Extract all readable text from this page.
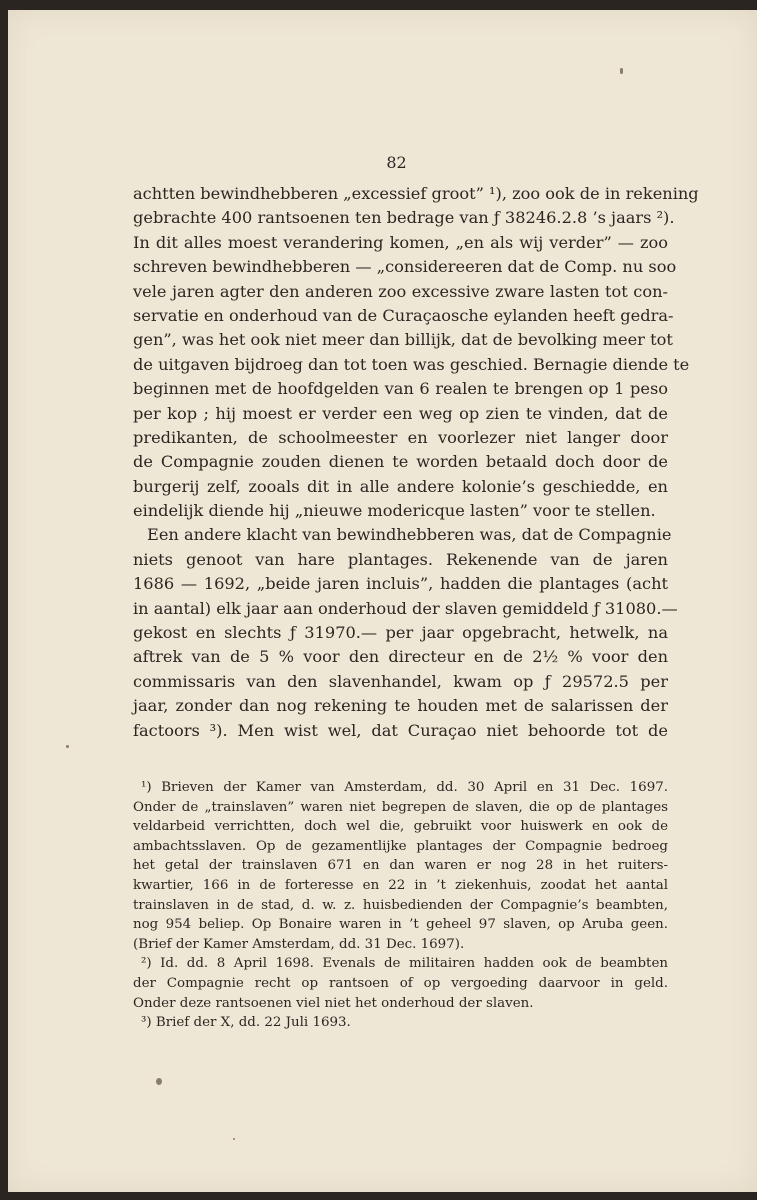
82
achtten bewindhebberen „excessief groot” ¹), zoo ook de in rekening
gebrachte 400 rantsoenen ten bedrage van ƒ 38246.2.8 ’s jaars ²).
In dit alles moest verandering komen, „en als wij verder” — zoo
schreven bewindhebberen — „considereeren dat de Comp. nu soo
vele jaren agter den anderen zoo excessive zware lasten tot con-
servatie en onderhoud van de Curaçaosche eylanden heeft gedra-
gen”, was het ook niet meer dan billijk, dat de bevolking meer tot
de uitgaven bijdroeg dan tot toen was geschied. Bernagie diende te
beginnen met de hoofdgelden van 6 realen te brengen op 1 peso
per kop ; hij moest er verder een weg op zien te vinden, dat de
predikanten, de schoolmeester en voorlezer niet langer door
de Compagnie zouden dienen te worden betaald doch door de
burgerij zelf, zooals dit in alle andere kolonie’s geschiedde, en
eindelijk diende hij „nieuwe modericque lasten” voor te stellen.
Een andere klacht van bewindhebberen was, dat de Compagnie
niets genoot van hare plantages. Rekenende van de jaren
1686 — 1692, „beide jaren incluis”, hadden die plantages (acht
in aantal) elk jaar aan onderhoud der slaven gemiddeld ƒ 31080.—
gekost en slechts ƒ 31970.— per jaar opgebracht, hetwelk, na
aftrek van de 5 % voor den directeur en de 2½ % voor den
commissaris van den slavenhandel, kwam op ƒ 29572.5 per
jaar, zonder dan nog rekening te houden met de salarissen der
factoors ³). Men wist wel, dat Curaçao niet behoorde tot de
¹) Brieven der Kamer van Amsterdam, dd. 30 April en 31 Dec. 1697.
Onder de „trainslaven” waren niet begrepen de slaven, die op de plantages
veldarbeid verrichtten, doch wel die, gebruikt voor huiswerk en ook de
ambachtsslaven. Op de gezamentlijke plantages der Compagnie bedroeg
het getal der trainslaven 671 en dan waren er nog 28 in het ruiters-
kwartier, 166 in de forteresse en 22 in ’t ziekenhuis, zoodat het aantal
trainslaven in de stad, d. w. z. huisbedienden der Compagnie’s beambten,
nog 954 beliep. Op Bonaire waren in ’t geheel 97 slaven, op Aruba geen.
(Brief der Kamer Amsterdam, dd. 31 Dec. 1697).
²) Id. dd. 8 April 1698. Evenals de militairen hadden ook de beambten
der Compagnie recht op rantsoen of op vergoeding daarvoor in geld.
Onder deze rantsoenen viel niet het onderhoud der slaven.
³) Brief der X, dd. 22 Juli 1693.
